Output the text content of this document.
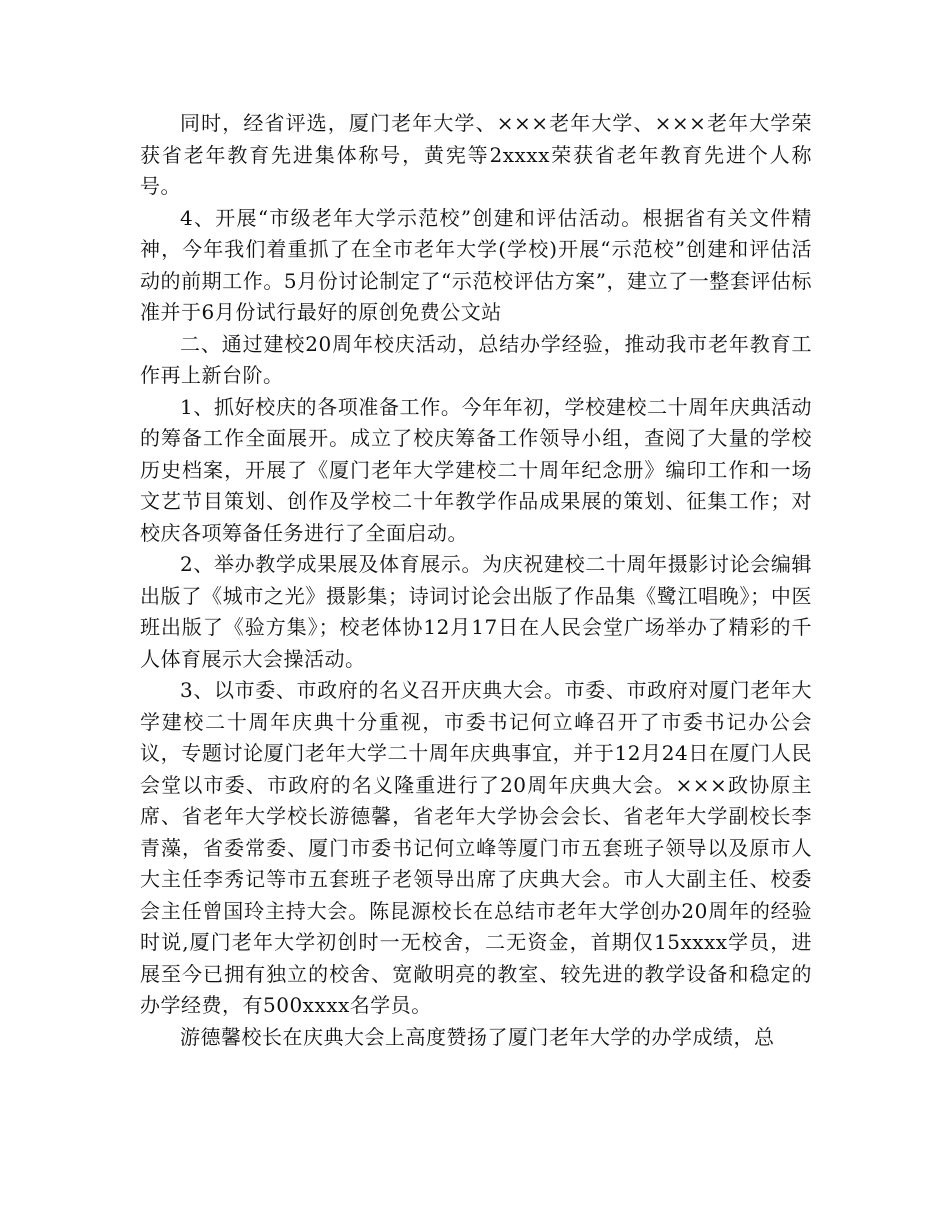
同时，经省评选，厦门老年大学、×××老年大学、×××老年大学荣获省老年教育先进集体称号，黄宪等2xxxx荣获省老年教育先进个人称号。

4、开展“市级老年大学示范校”创建和评估活动。根据省有关文件精神，今年我们着重抓了在全市老年大学(学校)开展“示范校”创建和评估活动的前期工作。5月份讨论制定了“示范校评估方案”，建立了一整套评估标准并于6月份试行最好的原创免费公文站

二、通过建校20周年校庆活动，总结办学经验，推动我市老年教育工作再上新台阶。

1、抓好校庆的各项准备工作。今年年初，学校建校二十周年庆典活动的筹备工作全面展开。成立了校庆筹备工作领导小组，查阅了大量的学校历史档案，开展了《厦门老年大学建校二十周年纪念册》编印工作和一场文艺节目策划、创作及学校二十年教学作品成果展的策划、征集工作；对校庆各项筹备任务进行了全面启动。

2、举办教学成果展及体育展示。为庆祝建校二十周年摄影讨论会编辑出版了《城市之光》摄影集；诗词讨论会出版了作品集《鹭江唱晚》；中医班出版了《验方集》；校老体协12月17日在人民会堂广场举办了精彩的千人体育展示大会操活动。

3、以市委、市政府的名义召开庆典大会。市委、市政府对厦门老年大学建校二十周年庆典十分重视，市委书记何立峰召开了市委书记办公会议，专题讨论厦门老年大学二十周年庆典事宜，并于12月24日在厦门人民会堂以市委、市政府的名义隆重进行了20周年庆典大会。×××政协原主席、省老年大学校长游德馨，省老年大学协会会长、省老年大学副校长李青藻，省委常委、厦门市委书记何立峰等厦门市五套班子领导以及原市人大主任李秀记等市五套班子老领导出席了庆典大会。市人大副主任、校委会主任曾国玲主持大会。陈昆源校长在总结市老年大学创办20周年的经验时说,厦门老年大学初创时一无校舍，二无资金，首期仅15xxxx学员，进展至今已拥有独立的校舍、宽敞明亮的教室、较先进的教学设备和稳定的办学经费，有500xxxx名学员。

游德馨校长在庆典大会上高度赞扬了厦门老年大学的办学成绩，总
